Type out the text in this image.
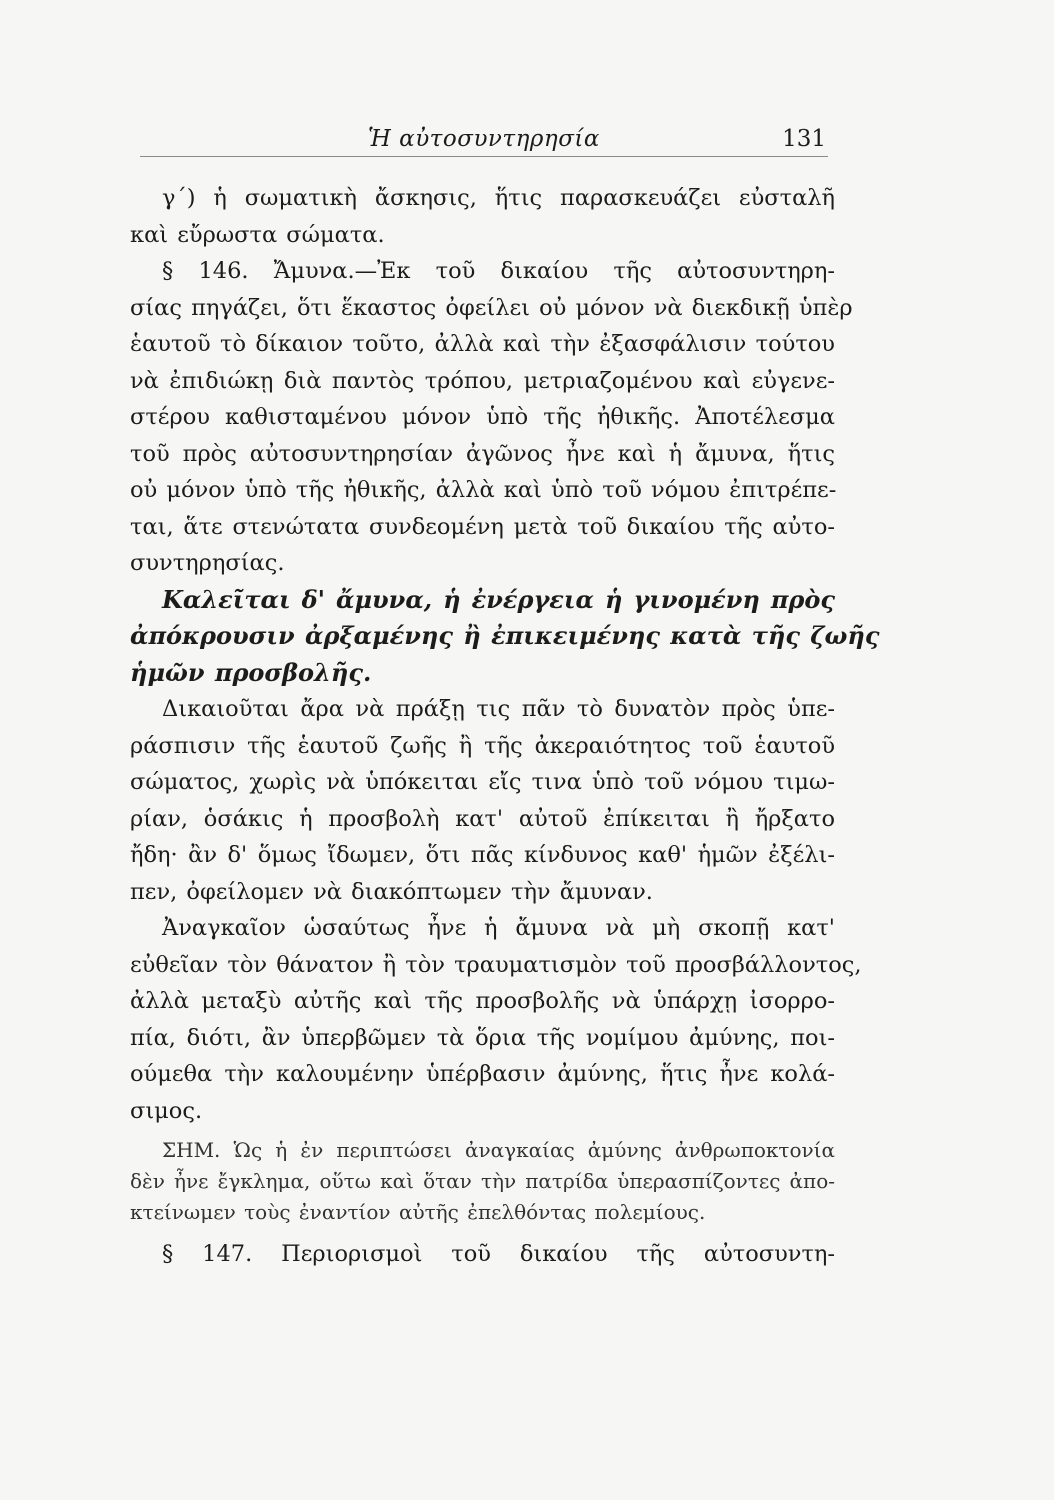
Ἡ αὐτοσυντηρησία	131
γ΄) ἡ σωματικὴ ἄσκησις, ἥτις παρασκευάζει εὐσταλῆ
καὶ εὔρωστα σώματα.
§ 146. Ἄμυνα.—Ἐκ τοῦ δικαίου τῆς αὐτοσυντηρη-
σίας πηγάζει, ὅτι ἕκαστος ὀφείλει οὐ μόνον νὰ διεκδικῇ ὑπὲρ
ἑαυτοῦ τὸ δίκαιον τοῦτο, ἀλλὰ καὶ τὴν ἐξασφάλισιν τούτου
νὰ ἐπιδιώκῃ διὰ παντὸς τρόπου, μετριαζομένου καὶ εὐγενε-
στέρου καθισταμένου μόνον ὑπὸ τῆς ἠθικῆς. Ἀποτέλεσμα
τοῦ πρὸς αὐτοσυντηρησίαν ἀγῶνος ἦνε καὶ ἡ ἄμυνα, ἥτις
οὐ μόνον ὑπὸ τῆς ἠθικῆς, ἀλλὰ καὶ ὑπὸ τοῦ νόμου ἐπιτρέπε-
ται, ἅτε στενώτατα συνδεομένη μετὰ τοῦ δικαίου τῆς αὐτο-
συντηρησίας.
Καλεῖται δ' ἄμυνα, ἡ ἐνέργεια ἡ γινομένη πρὸς
ἀπόκρουσιν ἀρξαμένης ἢ ἐπικειμένης κατὰ τῆς ζωῆς
ἡμῶν προσβολῆς.
Δικαιοῦται ἄρα νὰ πράξῃ τις πᾶν τὸ δυνατὸν πρὸς ὑπε-
ράσπισιν τῆς ἑαυτοῦ ζωῆς ἢ τῆς ἀκεραιότητος τοῦ ἑαυτοῦ
σώματος, χωρὶς νὰ ὑπόκειται εἴς τινα ὑπὸ τοῦ νόμου τιμω-
ρίαν, ὁσάκις ἡ προσβολὴ κατ' αὐτοῦ ἐπίκειται ἢ ἤρξατο
ἤδη· ἂν δ' ὅμως ἴδωμεν, ὅτι πᾶς κίνδυνος καθ' ἡμῶν ἐξέλι-
πεν, ὀφείλομεν νὰ διακόπτωμεν τὴν ἄμυναν.
Ἀναγκαῖον ὡσαύτως ἦνε ἡ ἄμυνα νὰ μὴ σκοπῇ κατ'
εὐθεῖαν τὸν θάνατον ἢ τὸν τραυματισμὸν τοῦ προσβάλλοντος,
ἀλλὰ μεταξὺ αὐτῆς καὶ τῆς προσβολῆς νὰ ὑπάρχῃ ἰσορρο-
πία, διότι, ἂν ὑπερβῶμεν τὰ ὅρια τῆς νομίμου ἀμύνης, ποι-
ούμεθα τὴν καλουμένην ὑπέρβασιν ἀμύνης, ἥτις ἦνε κολά-
σιμος.
ΣΗΜ. Ὡς ἡ ἐν περιπτώσει ἀναγκαίας ἀμύνης ἀνθρωποκτονία
δὲν ἦνε ἔγκλημα, οὕτω καὶ ὅταν τὴν πατρίδα ὑπερασπίζοντες ἀπο-
κτείνωμεν τοὺς ἐναντίον αὐτῆς ἐπελθόντας πολεμίους.
§ 147. Περιορισμοὶ τοῦ δικαίου τῆς αὐτοσυντη-
